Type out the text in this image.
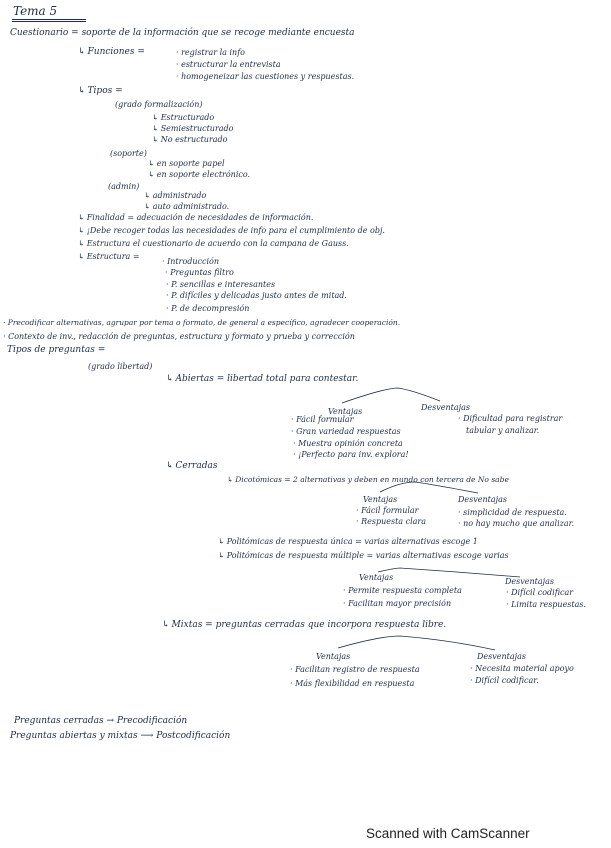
Tema 5
Cuestionario = soporte de la información que se recoge mediante encuesta
↳ Funciones =	· registrar la info
· estructurar la entrevista
· homogeneizar las cuestiones y respuestas.
↳ Tipos =
(grado formalización)
↳ Estructurado
↳ Semiestructurado
↳ No estructurado
(soporte)
↳ en soporte papel
↳ en soporte electrónico.
(admin)
↳ administrado
↳ auto administrado.
↳ Finalidad = adecuación de necesidades de información.
↳ ¡Debe recoger todas las necesidades de info para el cumplimiento de obj.
↳ Estructura el cuestionario de acuerdo con la campana de Gauss.
↳ Estructura =
· Introducción
· Preguntas filtro
· P. sencillas e interesantes
· P. difíciles y delicadas justo antes de mitad.
· P. de decompresión
· Precodificar alternativas, agrupar por tema o formato, de general a específico, agradecer cooperación.
· Contexto de inv., redacción de preguntas, estructura y formato y prueba y corrección
Tipos de preguntas =
(grado libertad)
↳ Abiertas = libertad total para contestar.
Ventajas	Desventajas
· Fácil formular
· Gran variedad respuestas
· Muestra opinión concreta
· ¡Perfecto para inv. explora!
· Dificultad para registrar
tabular y analizar.
↳ Cerradas
↳ Dicotómicas = 2 alternativas y deben en mundo con tercera de No sabe
Ventajas	Desventajas
· Fácil formular
· Respuesta clara
· simplicidad de respuesta.
· no hay mucho que analizar.
↳ Politómicas de respuesta única = varias alternativas escoge 1
↳ Politómicas de respuesta múltiple = varias alternativas escoge varias
Ventajas	Desventajas
· Permite respuesta completa
· Facilitan mayor precisión
· Difícil codificar
· Limita respuestas.
↳ Mixtas = preguntas cerradas que incorpora respuesta libre.
Ventajas	Desventajas
· Facilitan registro de respuesta
· Más flexibilidad en respuesta
· Necesita material apoyo
· Difícil codificar.
Preguntas cerradas → Precodificación
Preguntas abiertas y mixtas ⟶ Postcodificación
Scanned with CamScanner
